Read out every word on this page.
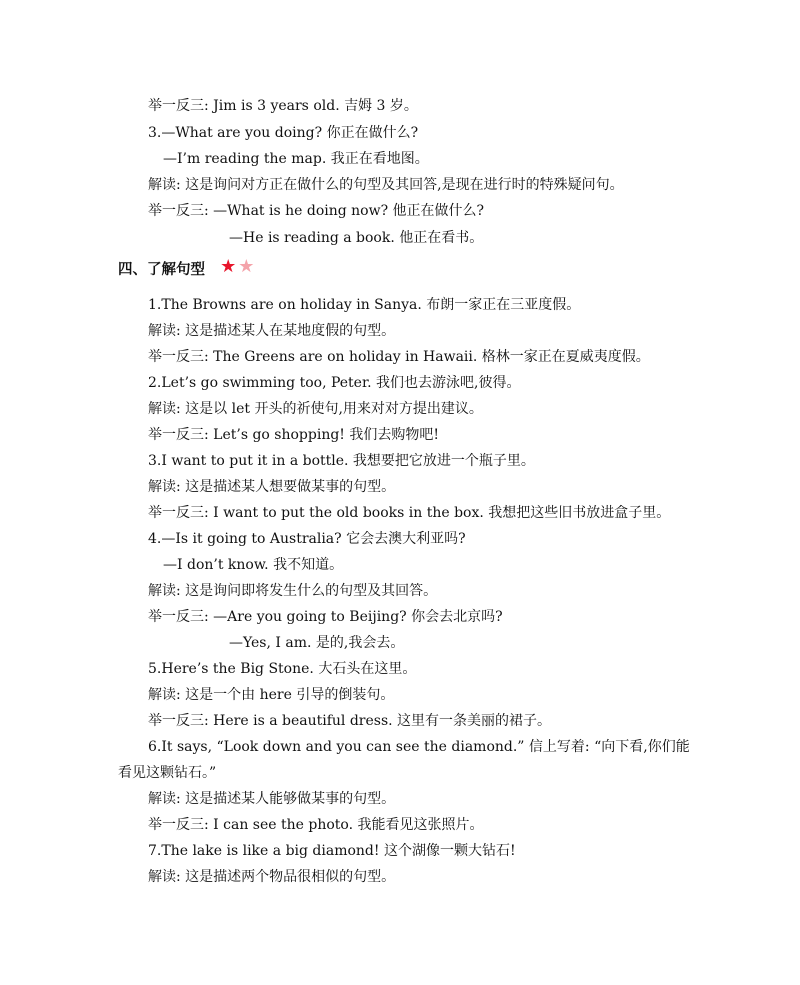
举一反三: Jim is 3 years old. 吉姆 3 岁。
3.—What are you doing? 你正在做什么?
—I’m reading the map. 我正在看地图。
解读: 这是询问对方正在做什么的句型及其回答,是现在进行时的特殊疑问句。
举一反三: —What is he doing now? 他正在做什么?
—He is reading a book. 他正在看书。
四、了解句型 ★ ★
1.The Browns are on holiday in Sanya. 布朗一家正在三亚度假。
解读: 这是描述某人在某地度假的句型。
举一反三: The Greens are on holiday in Hawaii. 格林一家正在夏威夷度假。
2.Let’s go swimming too, Peter. 我们也去游泳吧,彼得。
解读: 这是以 let 开头的祈使句,用来对对方提出建议。
举一反三: Let’s go shopping! 我们去购物吧!
3.I want to put it in a bottle. 我想要把它放进一个瓶子里。
解读: 这是描述某人想要做某事的句型。
举一反三: I want to put the old books in the box. 我想把这些旧书放进盒子里。
4.—Is it going to Australia? 它会去澳大利亚吗?
—I don’t know. 我不知道。
解读: 这是询问即将发生什么的句型及其回答。
举一反三: —Are you going to Beijing? 你会去北京吗?
—Yes, I am. 是的,我会去。
5.Here’s the Big Stone. 大石头在这里。
解读: 这是一个由 here 引导的倒装句。
举一反三: Here is a beautiful dress. 这里有一条美丽的裙子。
6.It says, “Look down and you can see the diamond.” 信上写着: “向下看,你们能
看见这颗钻石。”
解读: 这是描述某人能够做某事的句型。
举一反三: I can see the photo. 我能看见这张照片。
7.The lake is like a big diamond! 这个湖像一颗大钻石!
解读: 这是描述两个物品很相似的句型。
